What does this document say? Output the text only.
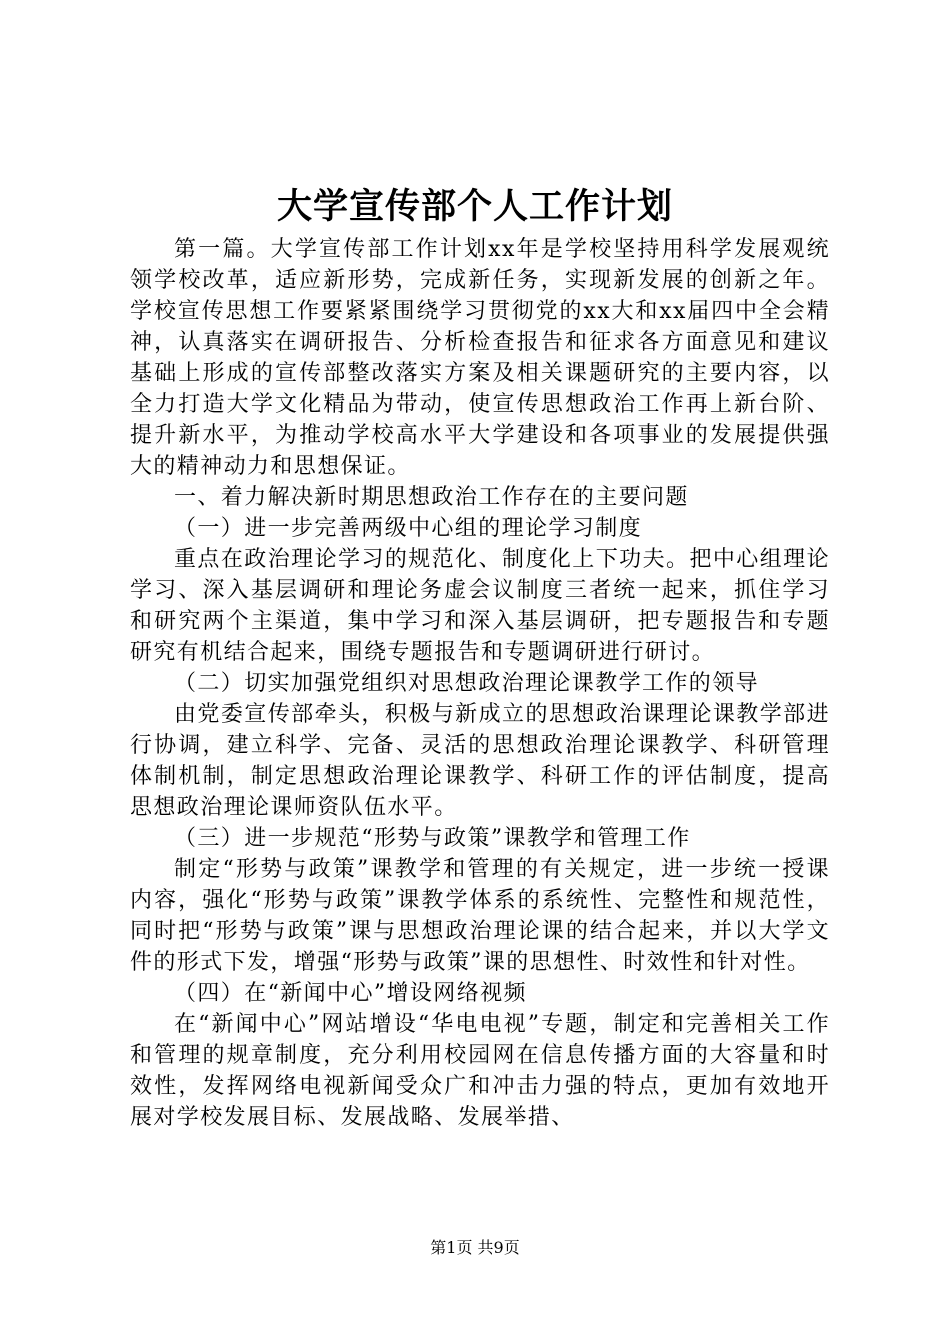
大学宣传部个人工作计划

第一篇。大学宣传部工作计划xx年是学校坚持用科学发展观统领学校改革，适应新形势，完成新任务，实现新发展的创新之年。学校宣传思想工作要紧紧围绕学习贯彻党的xx大和xx届四中全会精神，认真落实在调研报告、分析检查报告和征求各方面意见和建议基础上形成的宣传部整改落实方案及相关课题研究的主要内容，以全力打造大学文化精品为带动，使宣传思想政治工作再上新台阶、提升新水平，为推动学校高水平大学建设和各项事业的发展提供强大的精神动力和思想保证。

一、着力解决新时期思想政治工作存在的主要问题

（一）进一步完善两级中心组的理论学习制度

重点在政治理论学习的规范化、制度化上下功夫。把中心组理论学习、深入基层调研和理论务虚会议制度三者统一起来，抓住学习和研究两个主渠道，集中学习和深入基层调研，把专题报告和专题研究有机结合起来，围绕专题报告和专题调研进行研讨。

（二）切实加强党组织对思想政治理论课教学工作的领导

由党委宣传部牵头，积极与新成立的思想政治课理论课教学部进行协调，建立科学、完备、灵活的思想政治理论课教学、科研管理体制机制，制定思想政治理论课教学、科研工作的评估制度，提高思想政治理论课师资队伍水平。

（三）进一步规范“形势与政策”课教学和管理工作

制定“形势与政策”课教学和管理的有关规定，进一步统一授课内容，强化“形势与政策”课教学体系的系统性、完整性和规范性，同时把“形势与政策”课与思想政治理论课的结合起来，并以大学文件的形式下发，增强“形势与政策”课的思想性、时效性和针对性。

（四）在“新闻中心”增设网络视频

在“新闻中心”网站增设“华电电视”专题，制定和完善相关工作和管理的规章制度，充分利用校园网在信息传播方面的大容量和时效性，发挥网络电视新闻受众广和冲击力强的特点，更加有效地开展对学校发展目标、发展战略、发展举措、

第1页 共9页
